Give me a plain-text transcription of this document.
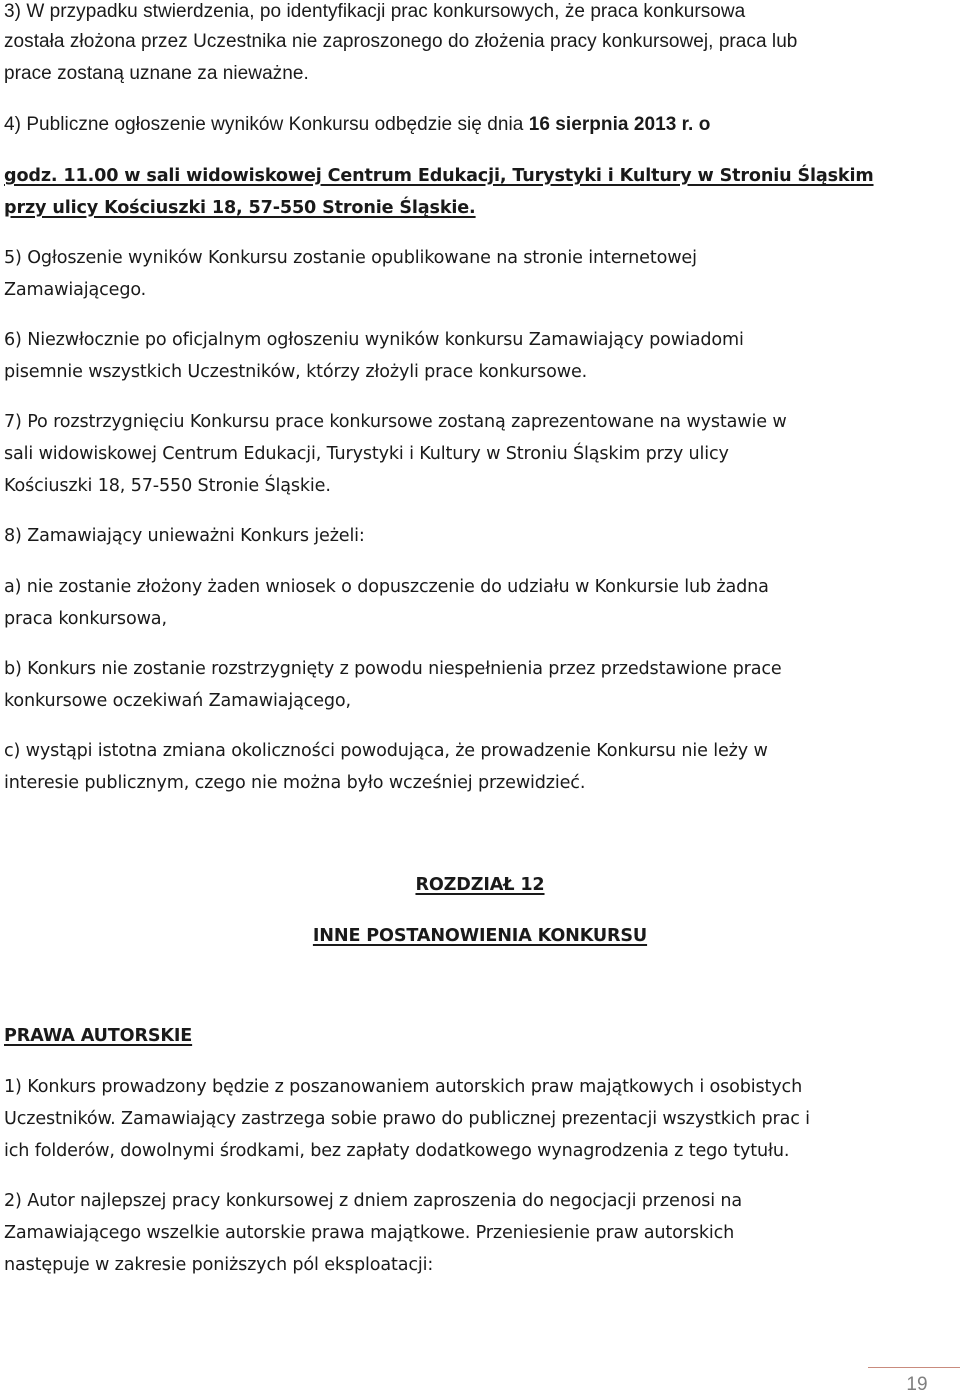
3) W przypadku stwierdzenia, po identyfikacji prac konkursowych, że praca konkursowa
została złożona przez Uczestnika nie zaproszonego do złożenia pracy konkursowej, praca lub
prace zostaną uznane za nieważne.
4) Publiczne ogłoszenie wyników Konkursu odbędzie się dnia 16 sierpnia 2013 r. o
godz. 11.00 w sali widowiskowej Centrum Edukacji, Turystyki i Kultury w Stroniu Śląskim
przy ulicy Kościuszki 18, 57-550 Stronie Śląskie.
5) Ogłoszenie wyników Konkursu zostanie opublikowane na stronie internetowej
Zamawiającego.
6) Niezwłocznie po oficjalnym ogłoszeniu wyników konkursu Zamawiający powiadomi
pisemnie wszystkich Uczestników, którzy złożyli prace konkursowe.
7) Po rozstrzygnięciu Konkursu prace konkursowe zostaną zaprezentowane na wystawie w
sali widowiskowej Centrum Edukacji, Turystyki i Kultury w Stroniu Śląskim przy ulicy
Kościuszki 18, 57-550 Stronie Śląskie.
8) Zamawiający unieważni Konkurs jeżeli:
a) nie zostanie złożony żaden wniosek o dopuszczenie do udziału w Konkursie lub żadna
praca konkursowa,
b) Konkurs nie zostanie rozstrzygnięty z powodu niespełnienia przez przedstawione prace
konkursowe oczekiwań Zamawiającego,
c) wystąpi istotna zmiana okoliczności powodująca, że prowadzenie Konkursu nie leży w
interesie publicznym, czego nie można było wcześniej przewidzieć.
ROZDZIAŁ 12
INNE POSTANOWIENIA KONKURSU
PRAWA AUTORSKIE
1) Konkurs prowadzony będzie z poszanowaniem autorskich praw majątkowych i osobistych
Uczestników. Zamawiający zastrzega sobie prawo do publicznej prezentacji wszystkich prac i
ich folderów, dowolnymi środkami, bez zapłaty dodatkowego wynagrodzenia z tego tytułu.
2) Autor najlepszej pracy konkursowej z dniem zaproszenia do negocjacji przenosi na
Zamawiającego wszelkie autorskie prawa majątkowe. Przeniesienie praw autorskich
następuje w zakresie poniższych pól eksploatacji:
19
